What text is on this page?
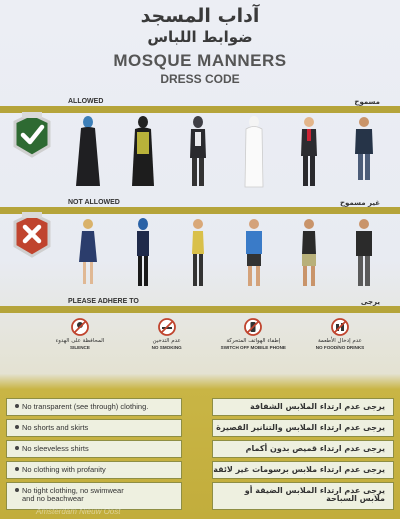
آداب المسجد
ضوابط اللباس
MOSQUE MANNERS
DRESS CODE
ALLOWED	مسموح
NOT ALLOWED	غير مسموح
PLEASE ADHERE TO	يرجى
المحافظة على الهدوء
SILENCE
عدم التدخين
NO SMOKING
إطفاء الهواتف المتحركة
SWITCH OFF MOBILE PHONE
عدم إدخال الأطعمة
NO FOOD/NO DRINKS
No transparent (see through) clothing.	يرجى عدم ارتداء الملابس الشفافة
No shorts and skirts	يرجى عدم ارتداء الملابس والتنانير القصيرة
No sleeveless shirts	يرجى عدم ارتداء قميص بدون أكمام
No clothing with profanity	يرجى عدم ارتداء ملابس برسومات غير لائقة
No tight clothing, no swimwear
and no beachwear
يرجى عدم ارتداء الملابس الضيقة أو
ملابس السباحة
Amsterdam Nieuw Oost
